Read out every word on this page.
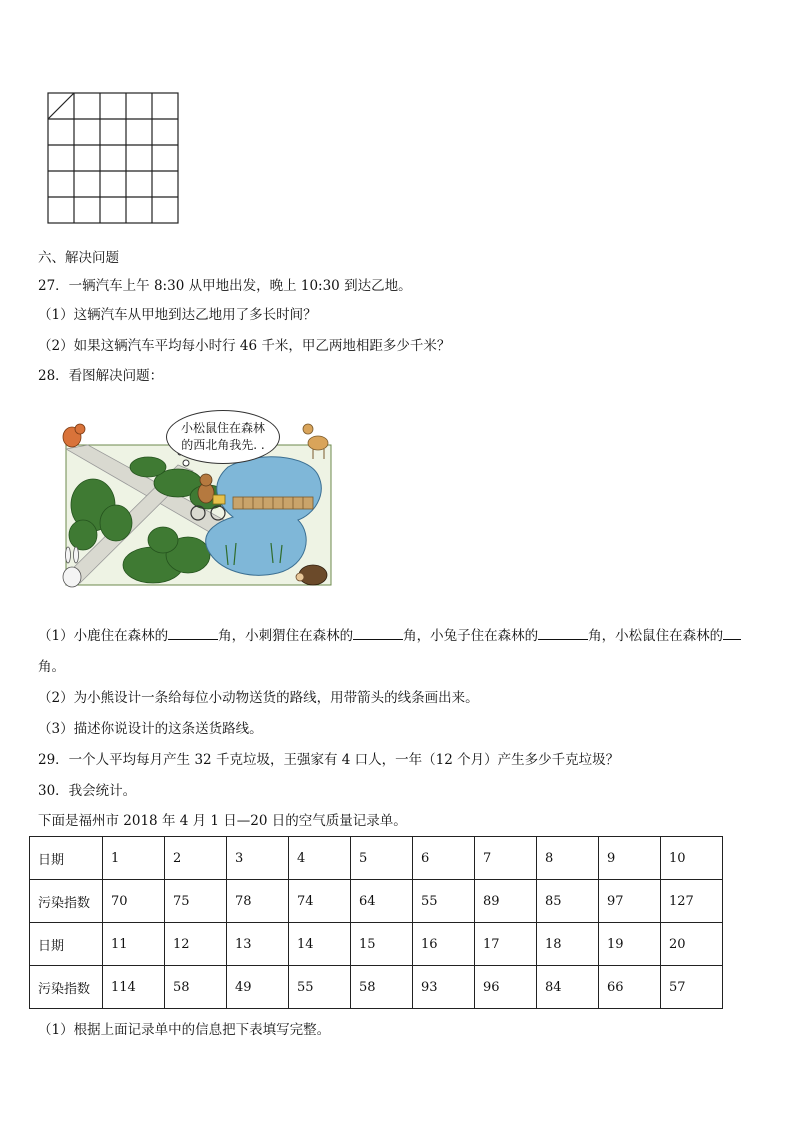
六、解决问题
27．一辆汽车上午 8:30 从甲地出发，晚上 10:30 到达乙地。
（1）这辆汽车从甲地到达乙地用了多长时间？
（2）如果这辆汽车平均每小时行 46 千米，甲乙两地相距多少千米？
28．看图解决问题：
小松鼠住在森林
的西北角我先. .
（1）小鹿住在森林的	角，小刺猬住在森林的	角，小兔子住在森林的	角，小松鼠住在森林的
角。
（2）为小熊设计一条给每位小动物送货的路线，用带箭头的线条画出来。
（3）描述你说设计的这条送货路线。
29．一个人平均每月产生 32 千克垃圾，王强家有 4 口人，一年（12 个月）产生多少千克垃圾？
30．我会统计。
下面是福州市 2018 年 4 月 1 日—20 日的空气质量记录单。
日期	1	2	3	4	5	6	7	8	9	10
污染指数	70	75	78	74	64	55	89	85	97	127
日期	11	12	13	14	15	16	17	18	19	20
污染指数	114	58	49	55	58	93	96	84	66	57
（1）根据上面记录单中的信息把下表填写完整。
